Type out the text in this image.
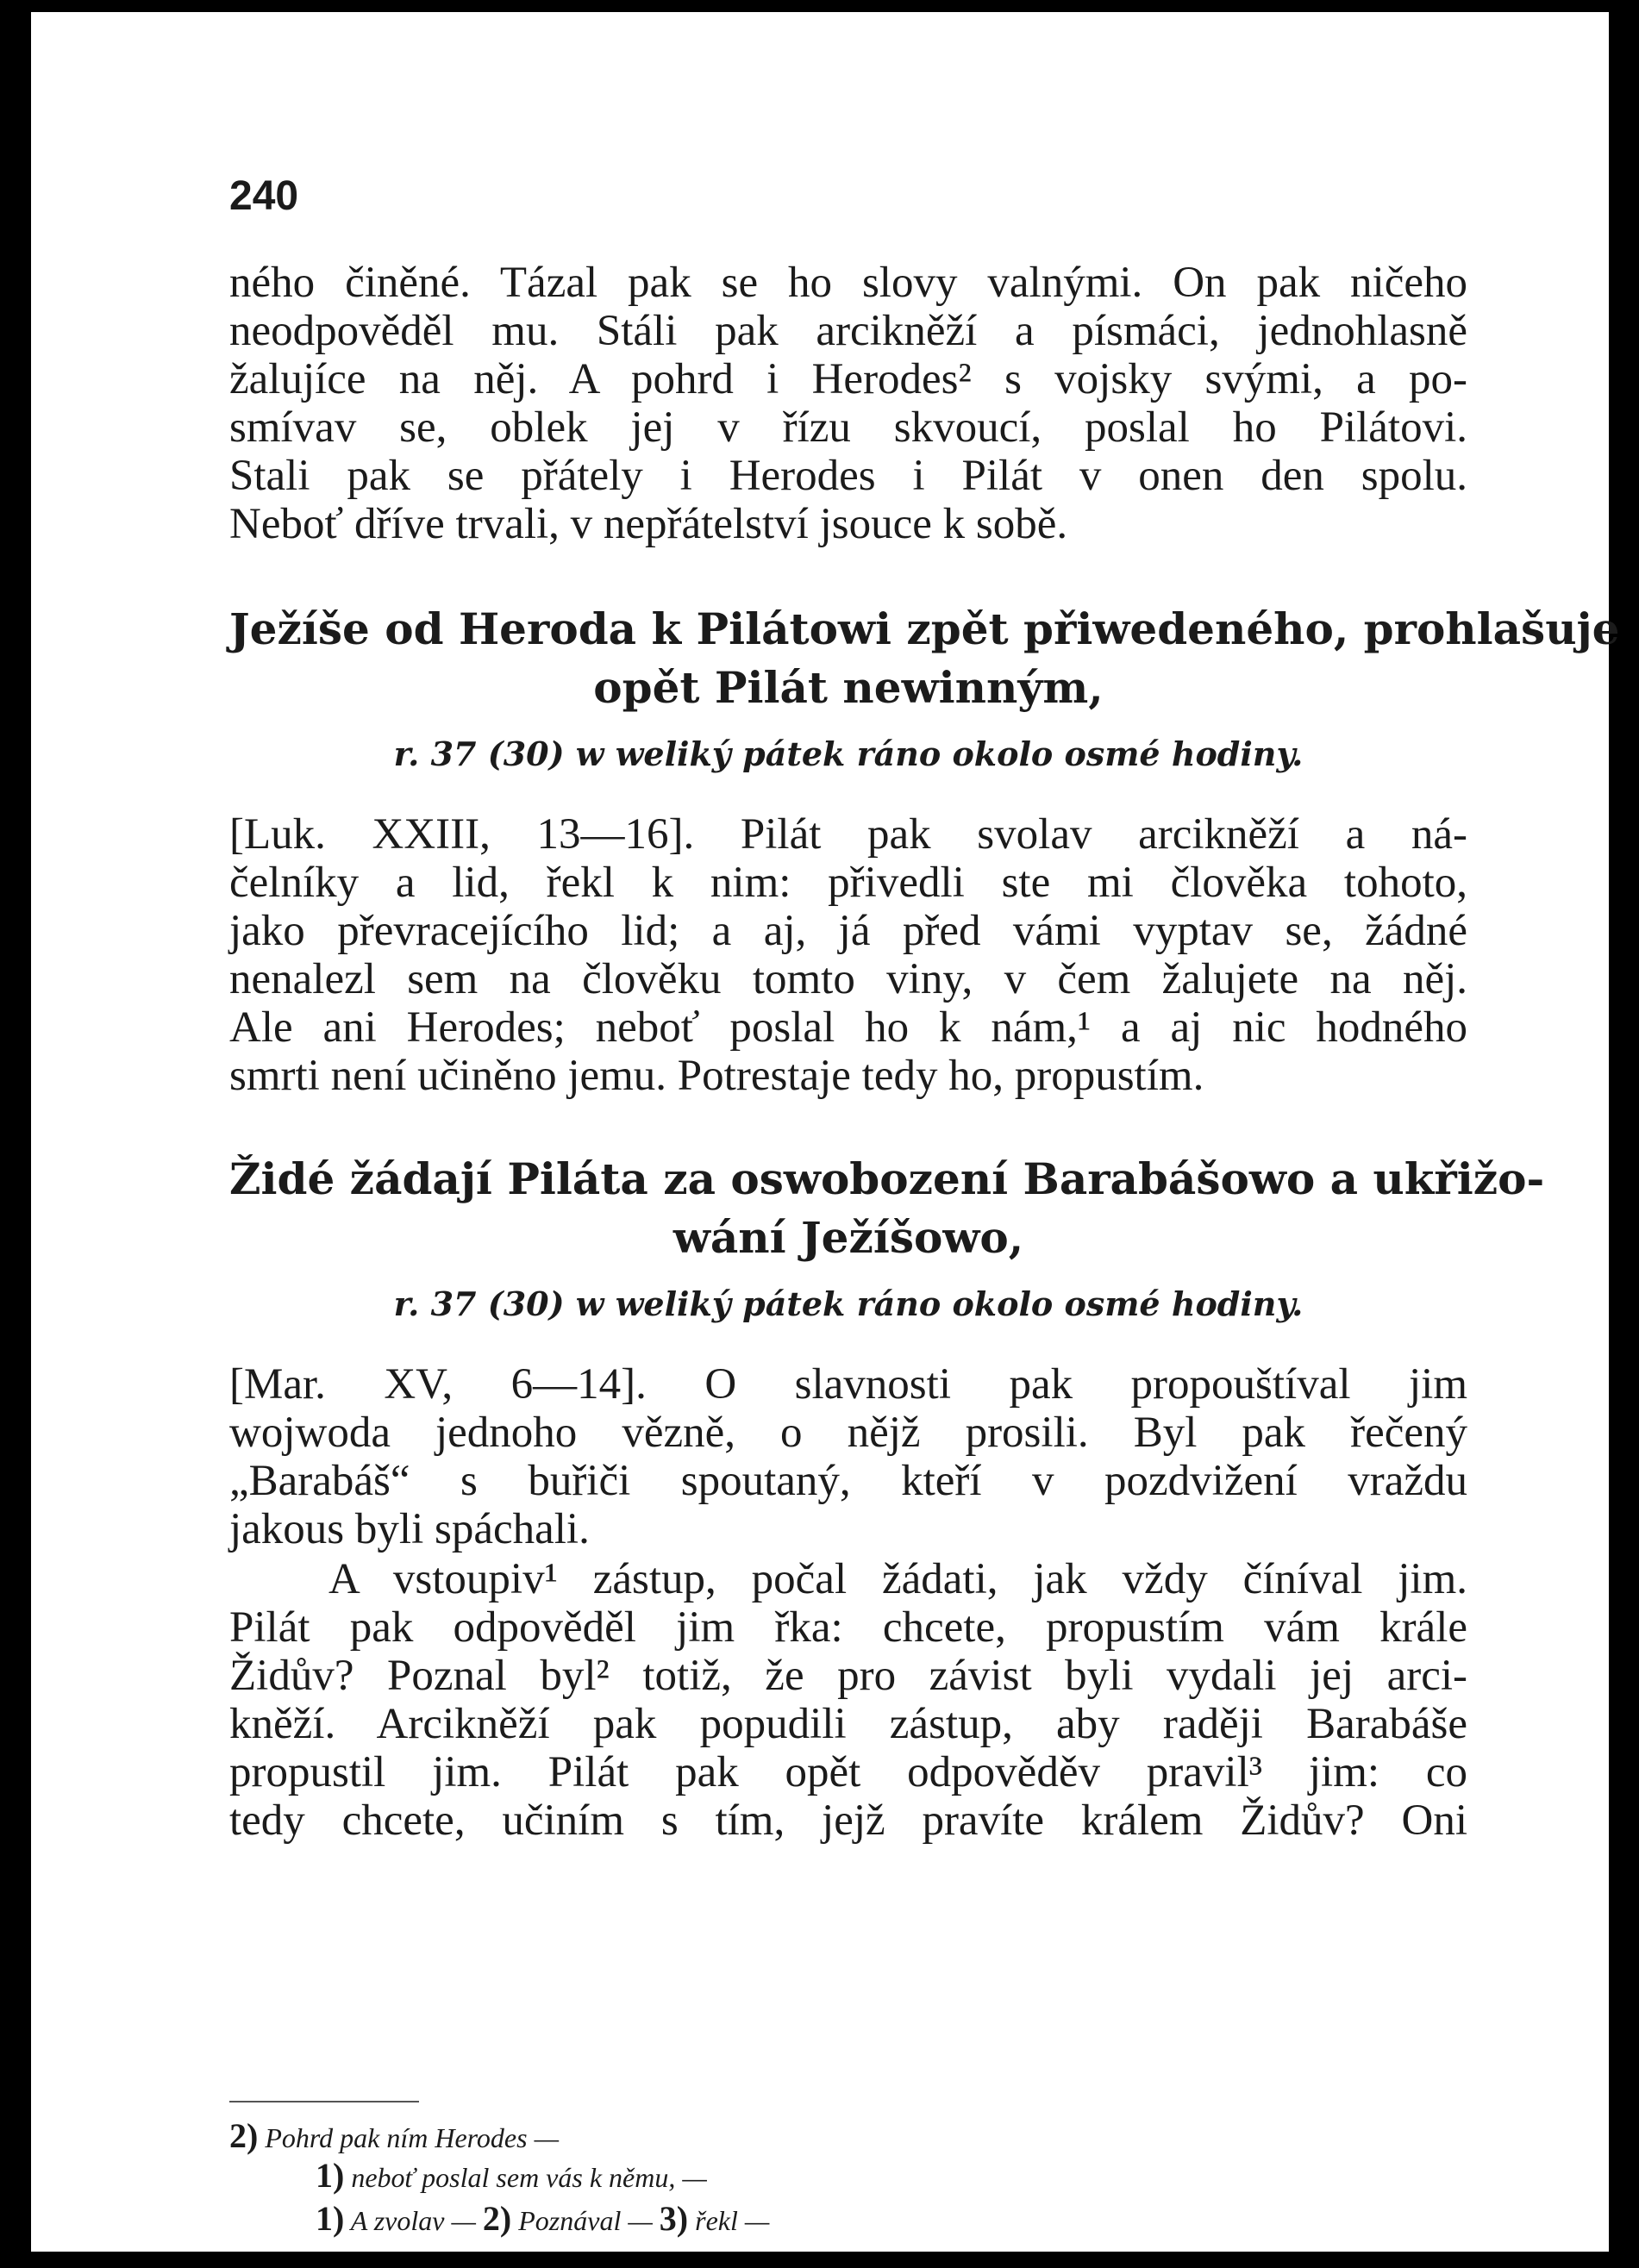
240
ného činěné. Tázal pak se ho slovy valnými. On pak ničeho
neodpověděl mu. Stáli pak arcikněží a písmáci, jednohlasně
žalujíce na něj. A pohrd i Herodes² s vojsky svými, a po-
smívav se, oblek jej v řízu skvoucí, poslal ho Pilátovi.
Stali pak se přátely i Herodes i Pilát v onen den spolu.
Neboť dříve trvali, v nepřátelství jsouce k sobě.
Ježíše od Heroda k Pilátowi zpět přiwedeného, prohlašuje
opět Pilát newinným,
r. 37 (30) w weliký pátek ráno okolo osmé hodiny.
[Luk. XXIII, 13—16]. Pilát pak svolav arcikněží a ná-
čelníky a lid, řekl k nim: přivedli ste mi člověka tohoto,
jako převracejícího lid; a aj, já před vámi vyptav se, žádné
nenalezl sem na člověku tomto viny, v čem žalujete na něj.
Ale ani Herodes; neboť poslal ho k nám,¹ a aj nic hodného
smrti není učiněno jemu. Potrestaje tedy ho, propustím.
Židé žádají Piláta za oswobození Barabášowo a ukřižo-
wání Ježíšowo,
r. 37 (30) w weliký pátek ráno okolo osmé hodiny.
[Mar. XV, 6—14]. O slavnosti pak propouštíval jim
wojwoda jednoho vězně, o nějž prosili. Byl pak řečený
„Barabáš“ s buřiči spoutaný, kteří v pozdvižení vraždu
jakous byli spáchali.
A vstoupiv¹ zástup, počal žádati, jak vždy číníval jim.
Pilát pak odpověděl jim řka: chcete, propustím vám krále
Židův? Poznal byl² totiž, že pro závist byli vydali jej arci-
kněží. Arcikněží pak popudili zástup, aby raději Barabáše
propustil jim. Pilát pak opět odpověděv pravil³ jim: co
tedy chcete, učiním s tím, jejž pravíte králem Židův? Oni
2) Pohrd pak ním Herodes —
1) neboť poslal sem vás k němu, —
1) A zvolav — 2) Poznával — 3) řekl —
